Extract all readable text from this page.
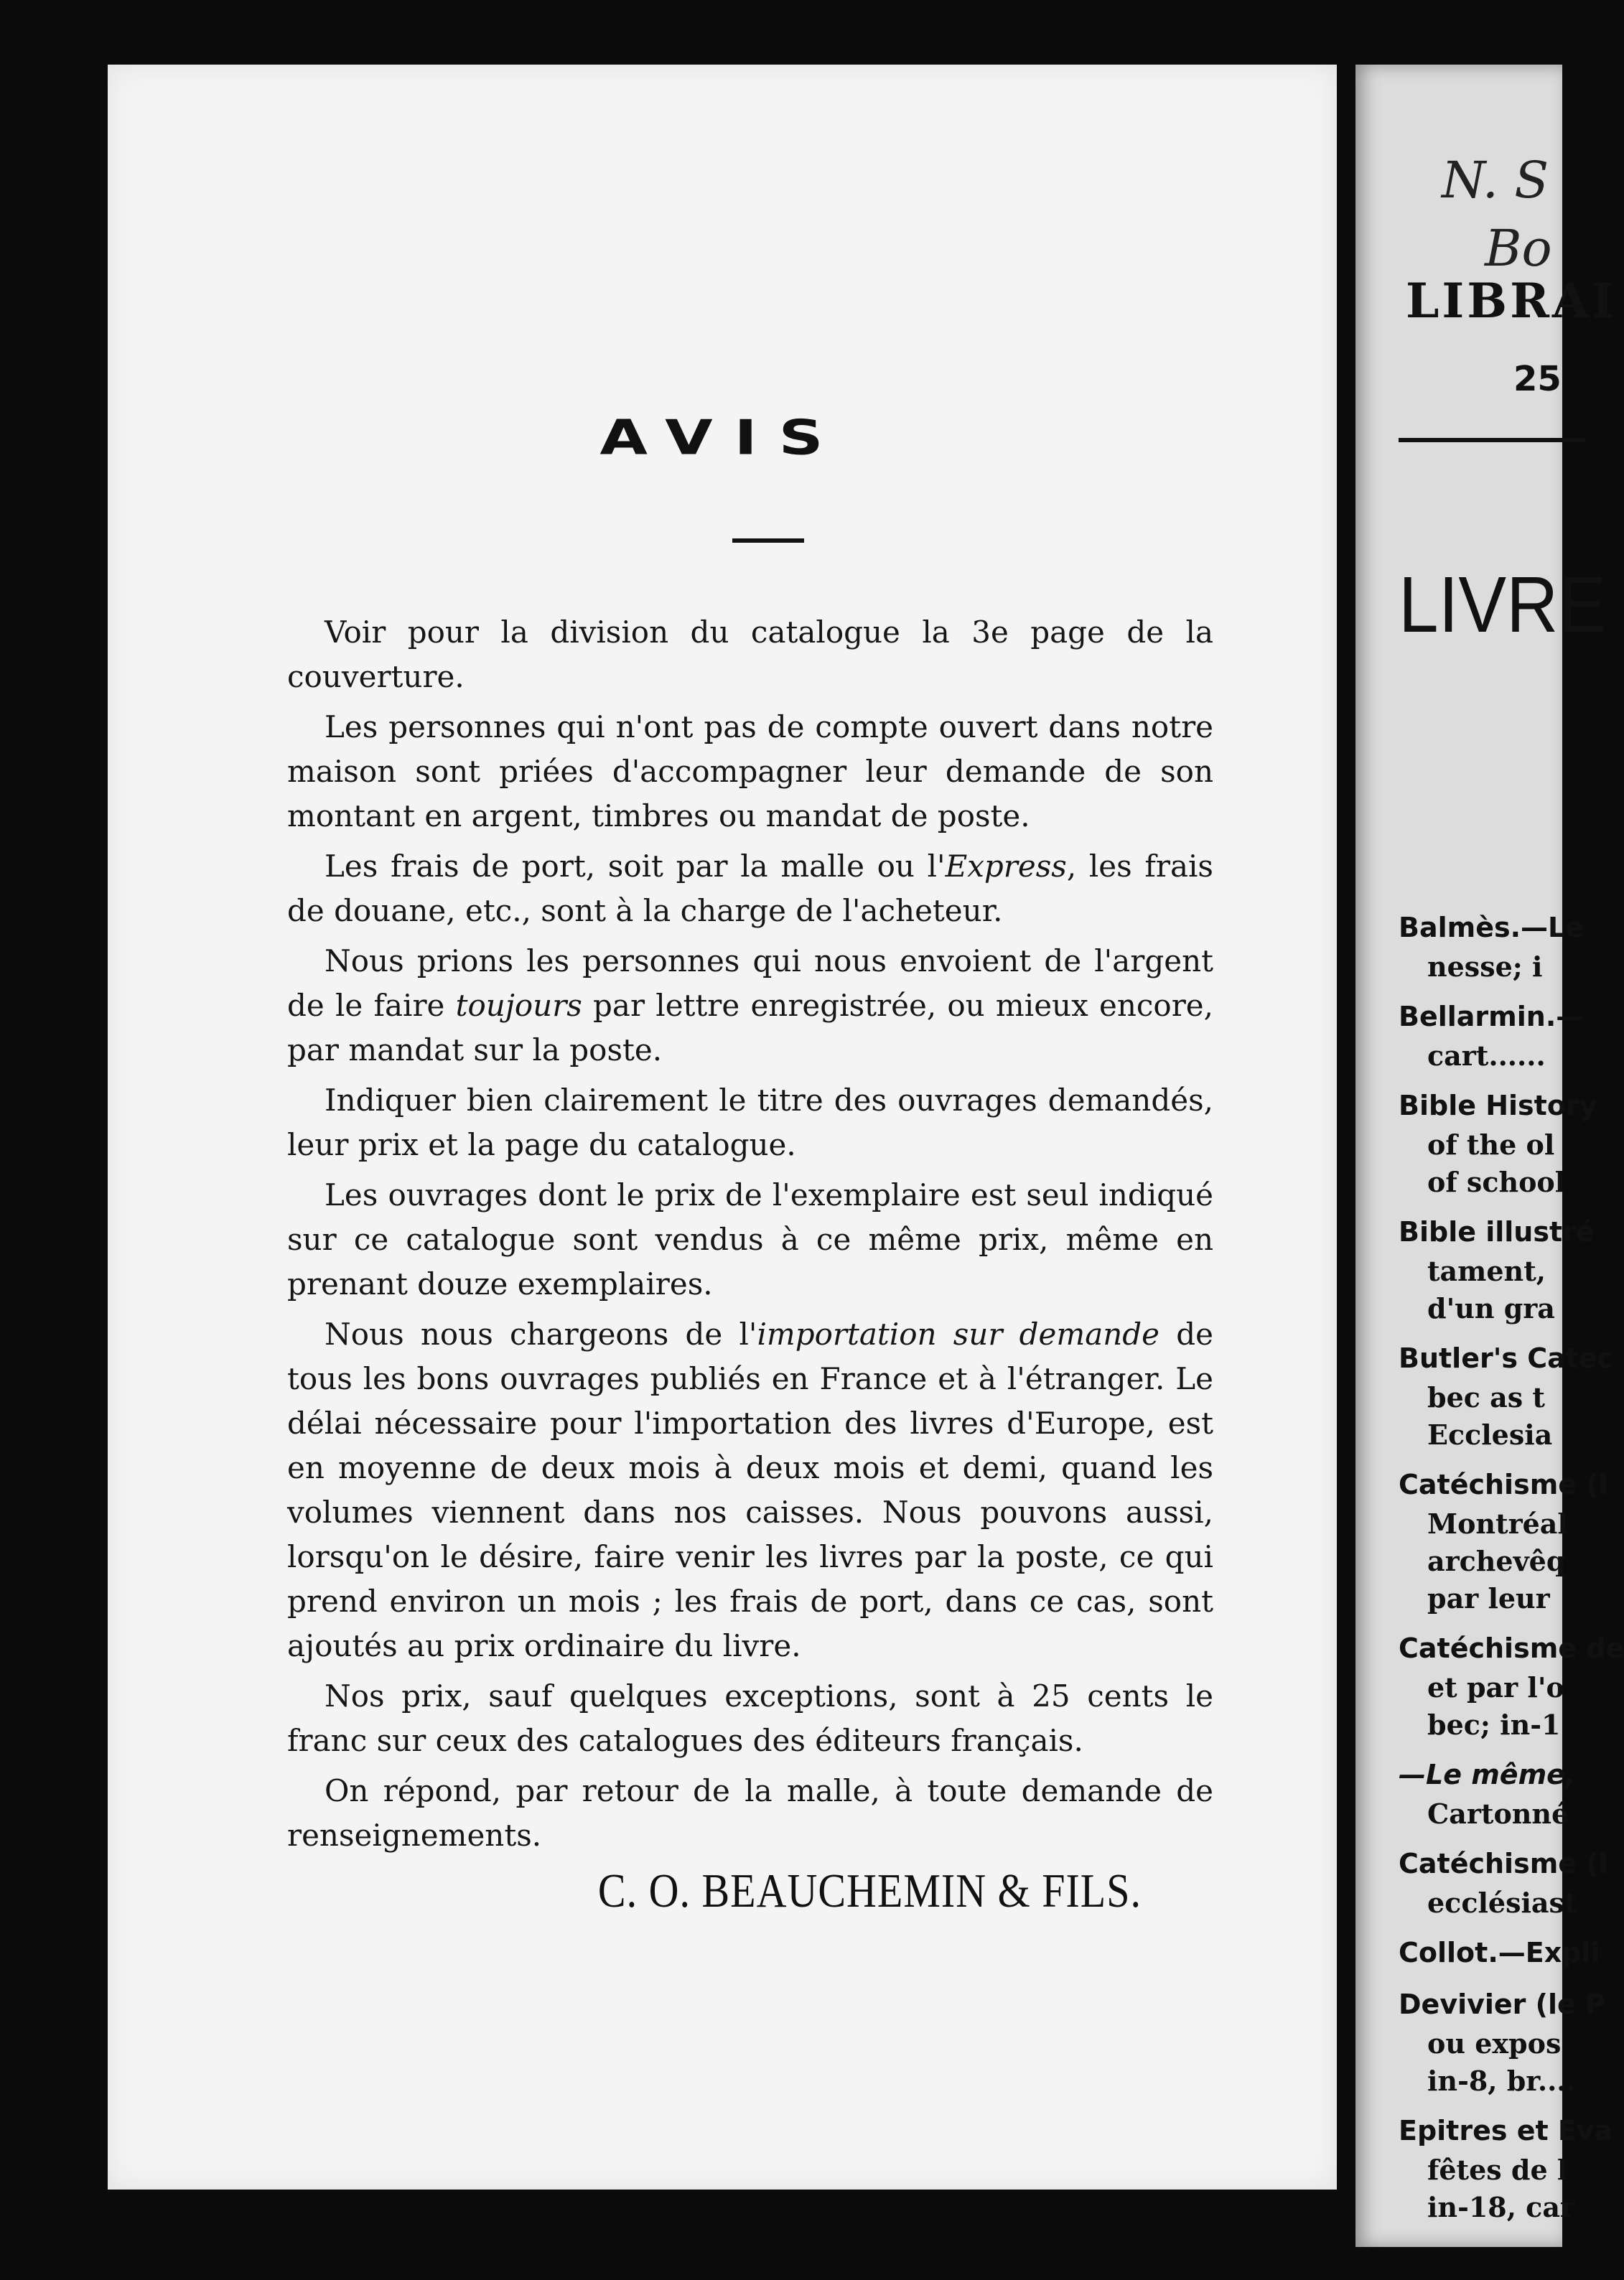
AVIS

Voir pour la division du catalogue la 3e page de la couverture.

Les personnes qui n'ont pas de compte ouvert dans notre maison sont priées d'accompagner leur demande de son montant en argent, timbres ou mandat de poste.

Les frais de port, soit par la malle ou l'Express, les frais de douane, etc., sont à la charge de l'acheteur.

Nous prions les personnes qui nous envoient de l'argent de le faire toujours par lettre enregistrée, ou mieux encore, par mandat sur la poste.

Indiquer bien clairement le titre des ouvrages demandés, leur prix et la page du catalogue.

Les ouvrages dont le prix de l'exemplaire est seul indiqué sur ce catalogue sont vendus à ce même prix, même en prenant douze exemplaires.

Nous nous chargeons de l'importation sur demande de tous les bons ouvrages publiés en France et à l'étranger. Le délai nécessaire pour l'importation des livres d'Europe, est en moyenne de deux mois à deux mois et demi, quand les volumes viennent dans nos caisses. Nous pouvons aussi, lorsqu'on le désire, faire venir les livres par la poste, ce qui prend environ un mois ; les frais de port, dans ce cas, sont ajoutés au prix ordinaire du livre.

Nos prix, sauf quelques exceptions, sont à 25 cents le franc sur ceux des catalogues des éditeurs français.

On répond, par retour de la malle, à toute demande de renseignements.

C. O. BEAUCHEMIN & FILS.
N. S
Bo
LIBRAI
25
LIVRE
Balmès.—Le
nesse; i
Bellarmin.—
cart......
Bible History
of the ol
of school
Bible illustré
tament,
d'un gra
Butler's Catec
bec as t
Ecclesia
Catéchisme (l
Montréal
archevêq
par leur
Catéchisme de
et par l'o
bec; in-1
—Le même,
Cartonné
Catéchisme (l
ecclésiast
Collot.—Expli
Devivier (le P
ou expos
in-8, br....
Epitres et Eva
fêtes de l
in-18, car
